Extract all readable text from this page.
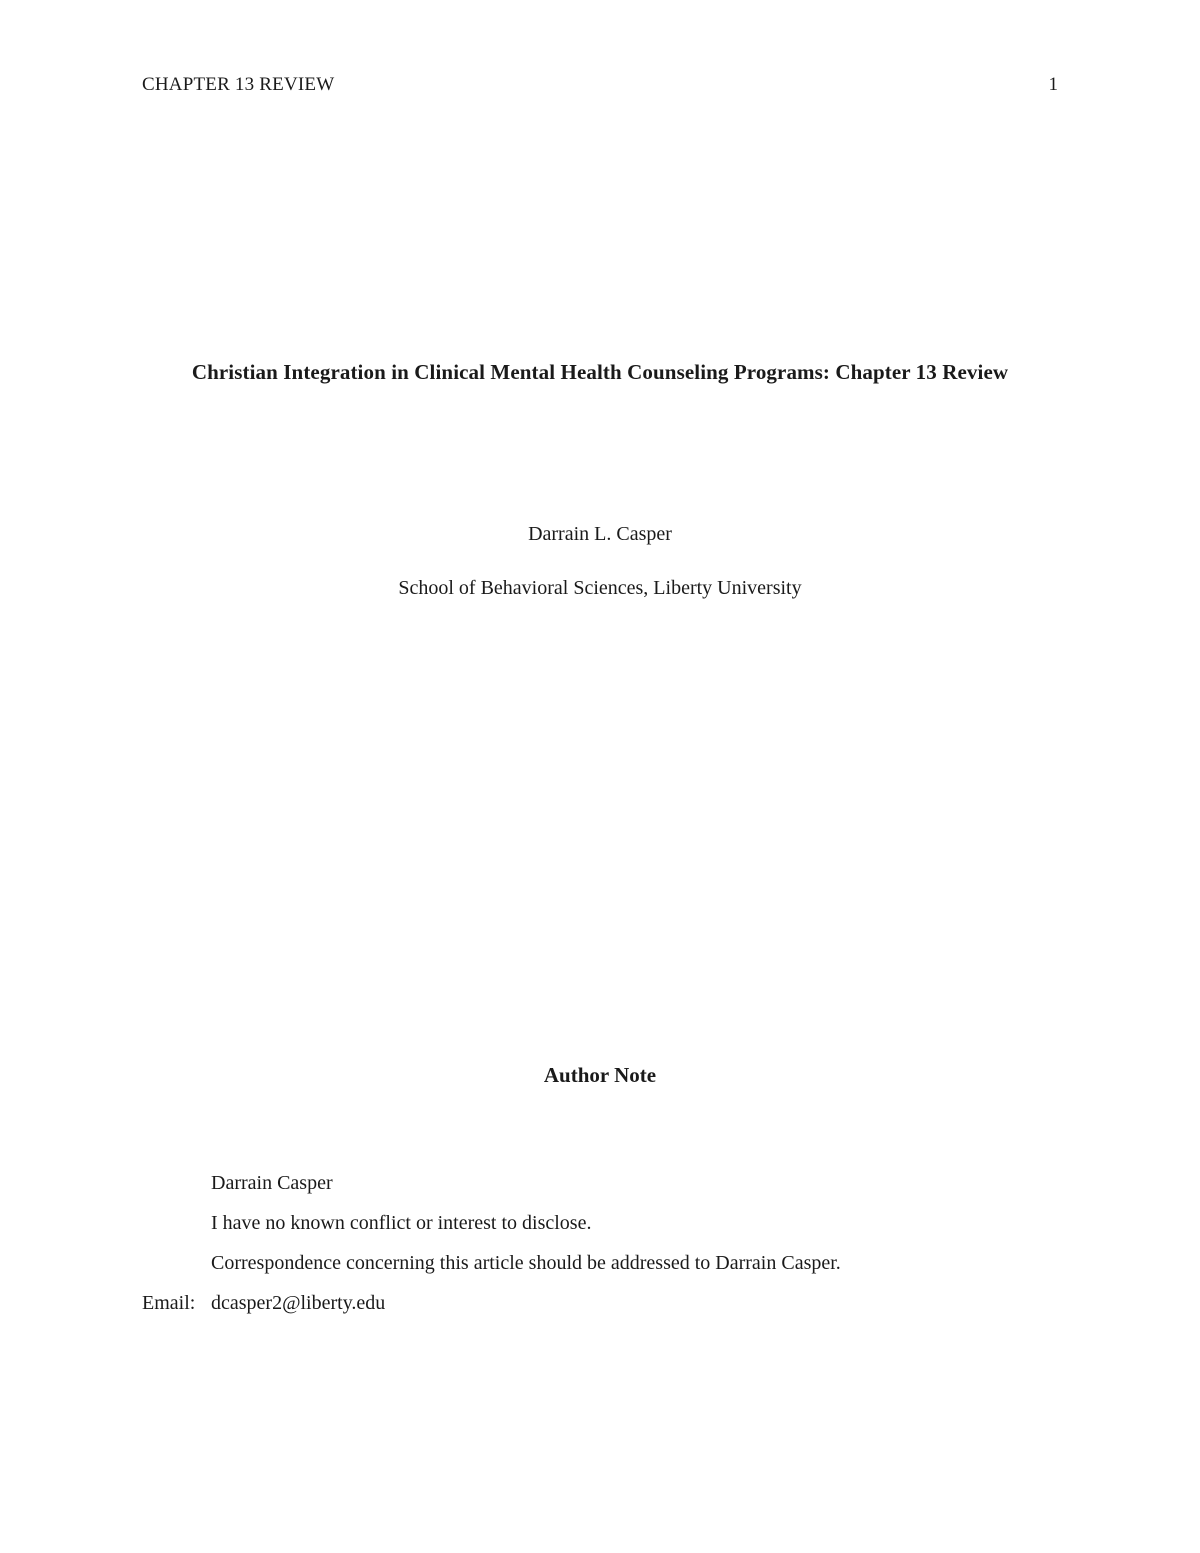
CHAPTER 13 REVIEW	1
Christian Integration in Clinical Mental Health Counseling Programs: Chapter 13 Review
Darrain L. Casper
School of Behavioral Sciences, Liberty University
Author Note
Darrain Casper
I have no known conflict or interest to disclose.
Correspondence concerning this article should be addressed to Darrain Casper.
Email: dcasper2@liberty.edu
